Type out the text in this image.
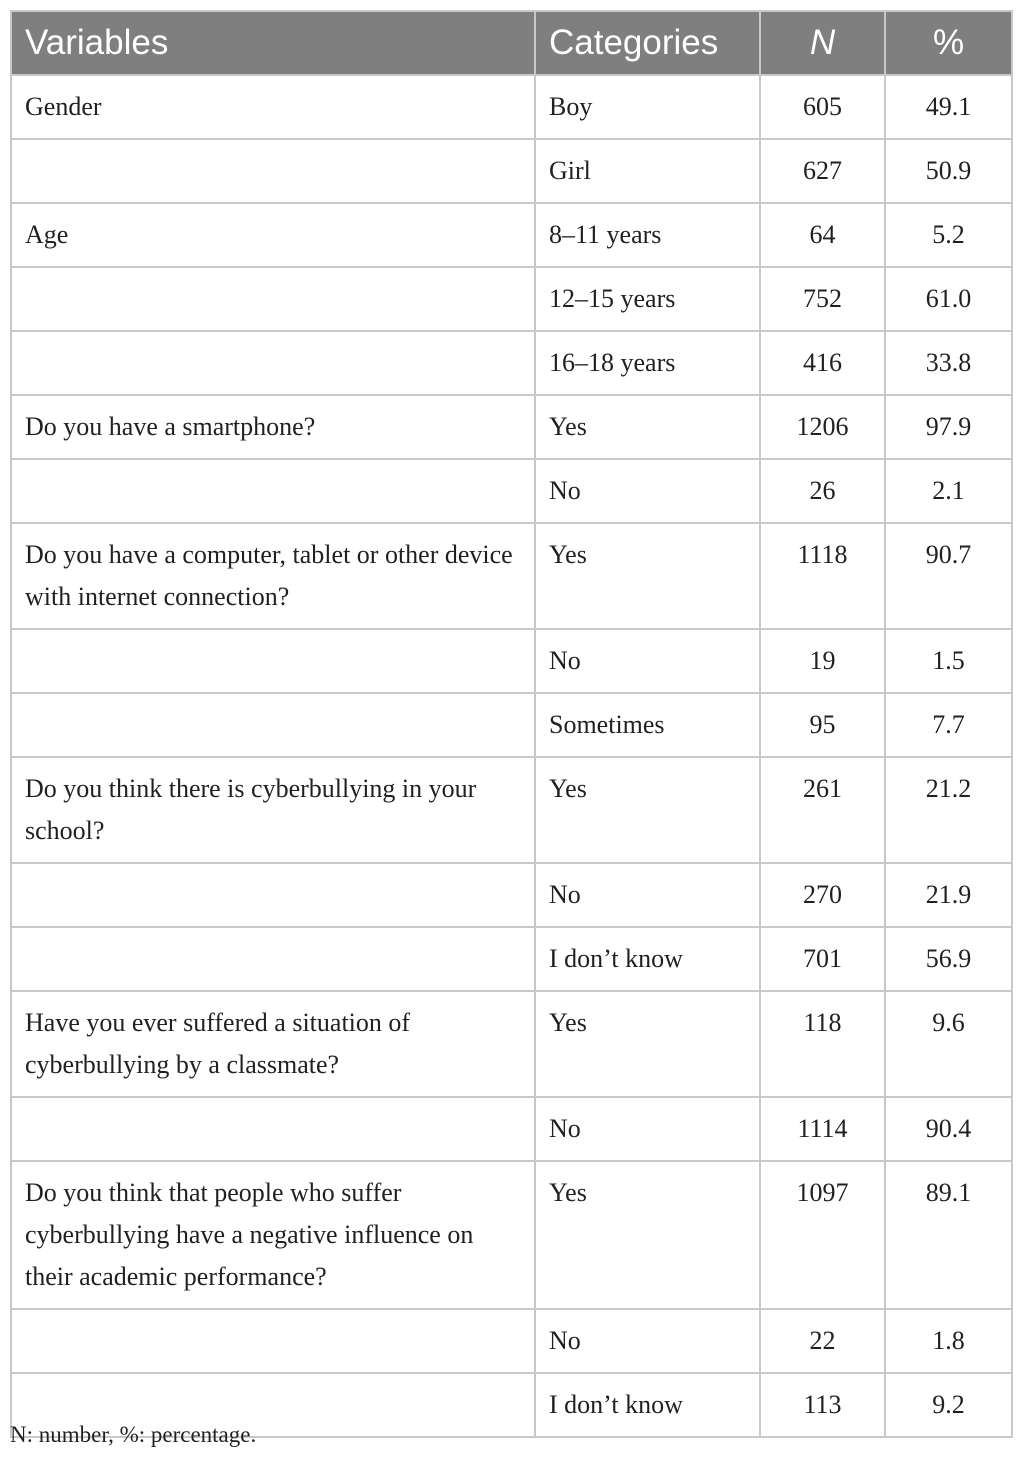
Variables	Categories	N	%
Gender	Boy	605	49.1
	Girl	627	50.9
Age	8–11 years	64	5.2
	12–15 years	752	61.0
	16–18 years	416	33.8
Do you have a smartphone?	Yes	1206	97.9
	No	26	2.1
Do you have a computer, tablet or other device with internet connection?	Yes	1118	90.7
	No	19	1.5
	Sometimes	95	7.7
Do you think there is cyberbullying in your school?	Yes	261	21.2
	No	270	21.9
	I don’t know	701	56.9
Have you ever suffered a situation of cyberbullying by a classmate?	Yes	118	9.6
	No	1114	90.4
Do you think that people who suffer cyberbullying have a negative influence on their academic performance?	Yes	1097	89.1
	No	22	1.8
	I don’t know	113	9.2
N: number, %: percentage.
